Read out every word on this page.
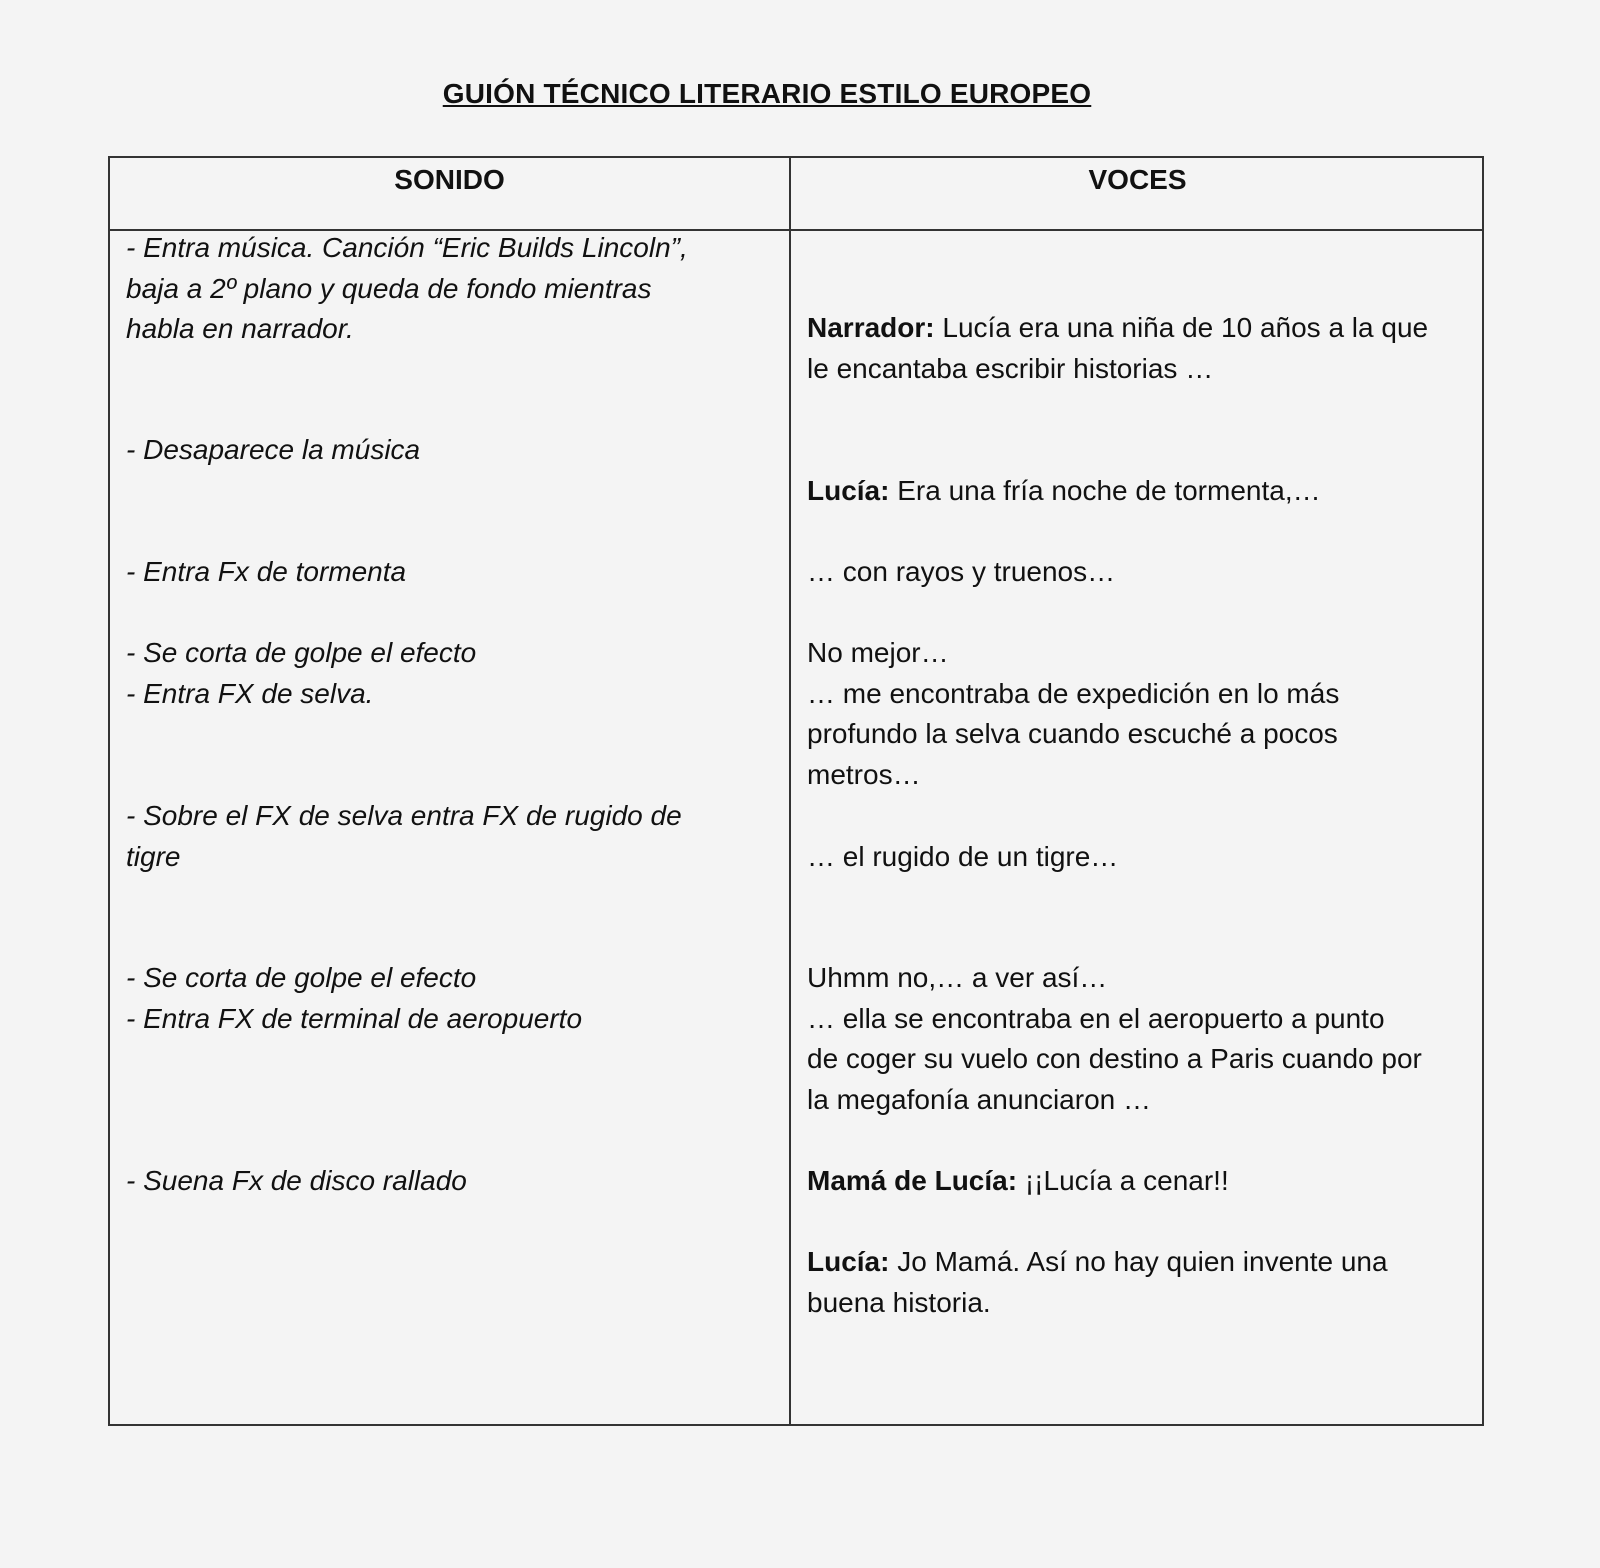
GUIÓN TÉCNICO LITERARIO ESTILO EUROPEO
SONIDO	VOCES
- Entra música. Canción “Eric Builds Lincoln”,
baja a 2º plano y queda de fondo mientras
habla en narrador.
- Desaparece la música
- Entra Fx de tormenta
- Se corta de golpe el efecto
- Entra FX de selva.
- Sobre el FX de selva entra FX de rugido de
tigre
- Se corta de golpe el efecto
- Entra FX de terminal de aeropuerto
- Suena Fx de disco rallado
Narrador: Lucía era una niña de 10 años a la que
le encantaba escribir historias …
Lucía: Era una fría noche de tormenta,…
… con rayos y truenos…
No mejor…
… me encontraba de expedición en lo más
profundo la selva cuando escuché a pocos
metros…
… el rugido de un tigre…
Uhmm no,… a ver así…
… ella se encontraba en el aeropuerto a punto
de coger su vuelo con destino a Paris cuando por
la megafonía anunciaron …
Mamá de Lucía: ¡¡Lucía a cenar!!
Lucía: Jo Mamá. Así no hay quien invente una
buena historia.
